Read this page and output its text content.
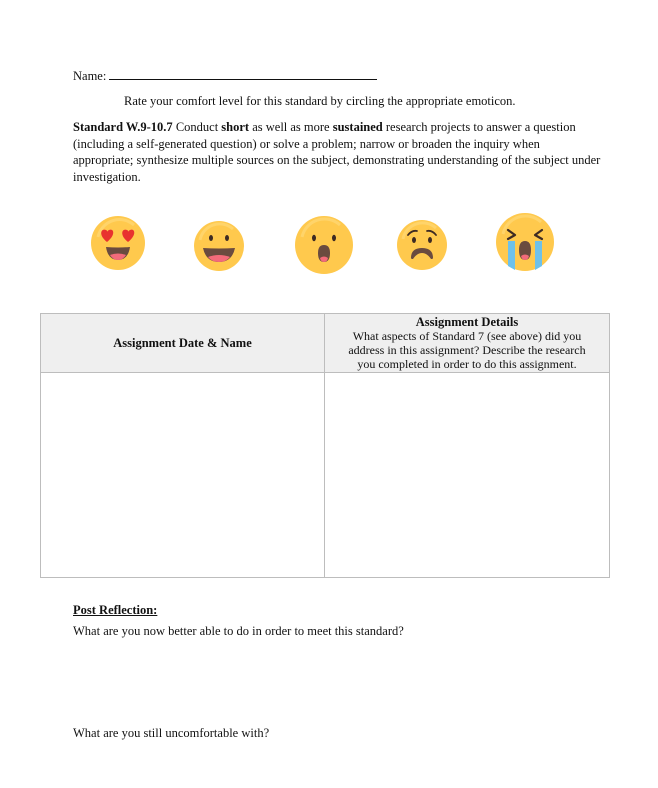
Name:
Rate your comfort level for this standard by circling the appropriate emoticon.
Standard W.9-10.7 Conduct short as well as more sustained research projects to answer a question (including a self-generated question) or solve a problem; narrow or broaden the inquiry when appropriate; synthesize multiple sources on the subject, demonstrating understanding of the subject under investigation.
Assignment Date & Name	Assignment Details
What aspects of Standard 7 (see above) did you address in this assignment? Describe the research you completed in order to do this assignment.

Post Reflection:
What are you now better able to do in order to meet this standard?
What are you still uncomfortable with?
